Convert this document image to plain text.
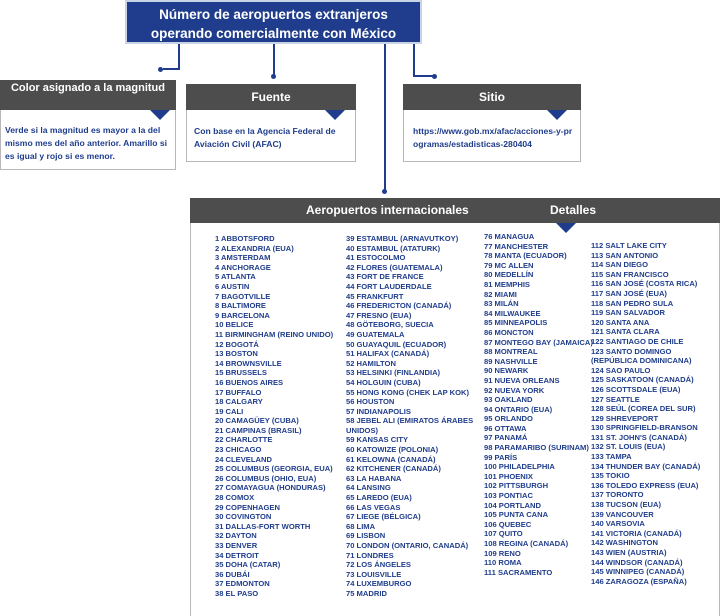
Número de aeropuertos extranjeros operando comercialmente con México
Color asignado a la magnitud
Verde si la magnitud es mayor a la del mismo mes del año anterior. Amarillo si es igual y rojo si es menor.
Fuente
Con base en la Agencia Federal de Aviación Civil (AFAC)
Sitio
https://www.gob.mx/afac/acciones-y-programas/estadisticas-280404
Aeropuertos internacionales	Detalles
1 ABBOTSFORD
2 ALEXANDRIA (EUA)
3 AMSTERDAM
4 ANCHORAGE
5 ATLANTA
6 AUSTIN
7 BAGOTVILLE
8 BALTIMORE
9 BARCELONA
10 BELICE
11 BIRMINGHAM (REINO UNIDO)
12 BOGOTÁ
13 BOSTON
14 BROWNSVILLE
15 BRUSSELS
16 BUENOS AIRES
17 BUFFALO
18 CALGARY
19 CALI
20 CAMAGÜEY (CUBA)
21 CAMPINAS (BRASIL)
22 CHARLOTTE
23 CHICAGO
24 CLEVELAND
25 COLUMBUS (GEORGIA, EUA)
26 COLUMBUS (OHIO, EUA)
27 COMAYAGUA (HONDURAS)
28 COMOX
29 COPENHAGEN
30 COVINGTON
31 DALLAS-FORT WORTH
32 DAYTON
33 DENVER
34 DETROIT
35 DOHA (CATAR)
36 DUBÁI
37 EDMONTON
38 EL PASO
39 ESTAMBUL (ARNAVUTKOY)
40 ESTAMBUL (ATATURK)
41 ESTOCOLMO
42 FLORES (GUATEMALA)
43 FORT DE FRANCE
44 FORT LAUDERDALE
45 FRANKFURT
46 FREDERICTON (CANADÁ)
47 FRESNO (EUA)
48 GÖTEBORG, SUECIA
49 GUATEMALA
50 GUAYAQUIL (ECUADOR)
51 HALIFAX (CANADÁ)
52 HAMILTON
53 HELSINKI (FINLANDIA)
54 HOLGUIN (CUBA)
55 HONG KONG (CHEK LAP KOK)
56 HOUSTON
57 INDIANAPOLIS
58 JEBEL ALI (EMIRATOS ÁRABES UNIDOS)
59 KANSAS CITY
60 KATOWIZE (POLONIA)
61 KELOWNA (CANADÁ)
62 KITCHENER (CANADÁ)
63 LA HABANA
64 LANSING
65 LAREDO (EUA)
66 LAS VEGAS
67 LIEGE (BÉLGICA)
68 LIMA
69 LISBON
70 LONDON (ONTARIO, CANADÁ)
71 LONDRES
72 LOS ÁNGELES
73 LOUISVILLE
74 LUXEMBURGO
75 MADRID
76 MANAGUA
77 MANCHESTER
78 MANTA (ECUADOR)
79 MC ALLEN
80 MEDELLÍN
81 MEMPHIS
82 MIAMI
83 MILÁN
84 MILWAUKEE
85 MINNEAPOLIS
86 MONCTON
87 MONTEGO BAY (JAMAICA)
88 MONTREAL
89 NASHVILLE
90 NEWARK
91 NUEVA ORLEANS
92 NUEVA YORK
93 OAKLAND
94 ONTARIO (EUA)
95 ORLANDO
96 OTTAWA
97 PANAMÁ
98 PARAMARIBO (SURINAM)
99 PARÍS
100 PHILADELPHIA
101 PHOENIX
102 PITTSBURGH
103 PONTIAC
104 PORTLAND
105 PUNTA CANA
106 QUEBEC
107 QUITO
108 REGINA (CANADÁ)
109 RENO
110 ROMA
111 SACRAMENTO
112 SALT LAKE CITY
113 SAN ANTONIO
114 SAN DIEGO
115 SAN FRANCISCO
116 SAN JOSÉ (COSTA RICA)
117 SAN JOSÉ (EUA)
118 SAN PEDRO SULA
119 SAN SALVADOR
120 SANTA ANA
121 SANTA CLARA
122 SANTIAGO DE CHILE
123 SANTO DOMINGO (REPÚBLICA DOMINICANA)
124 SAO PAULO
125 SASKATOON (CANADÁ)
126 SCOTTSDALE (EUA)
127 SEATTLE
128 SEÚL (COREA DEL SUR)
129 SHREVEPORT
130 SPRINGFIELD-BRANSON
131 ST. JOHN'S (CANADÁ)
132 ST. LOUIS (EUA)
133 TAMPA
134 THUNDER BAY (CANADÁ)
135 TOKIO
136 TOLEDO EXPRESS (EUA)
137 TORONTO
138 TUCSON (EUA)
139 VANCOUVER
140 VARSOVIA
141 VICTORIA (CANADÁ)
142 WASHINGTON
143 WIEN (AUSTRIA)
144 WINDSOR (CANADÁ)
145 WINNIPEG (CANADÁ)
146 ZARAGOZA (ESPAÑA)
